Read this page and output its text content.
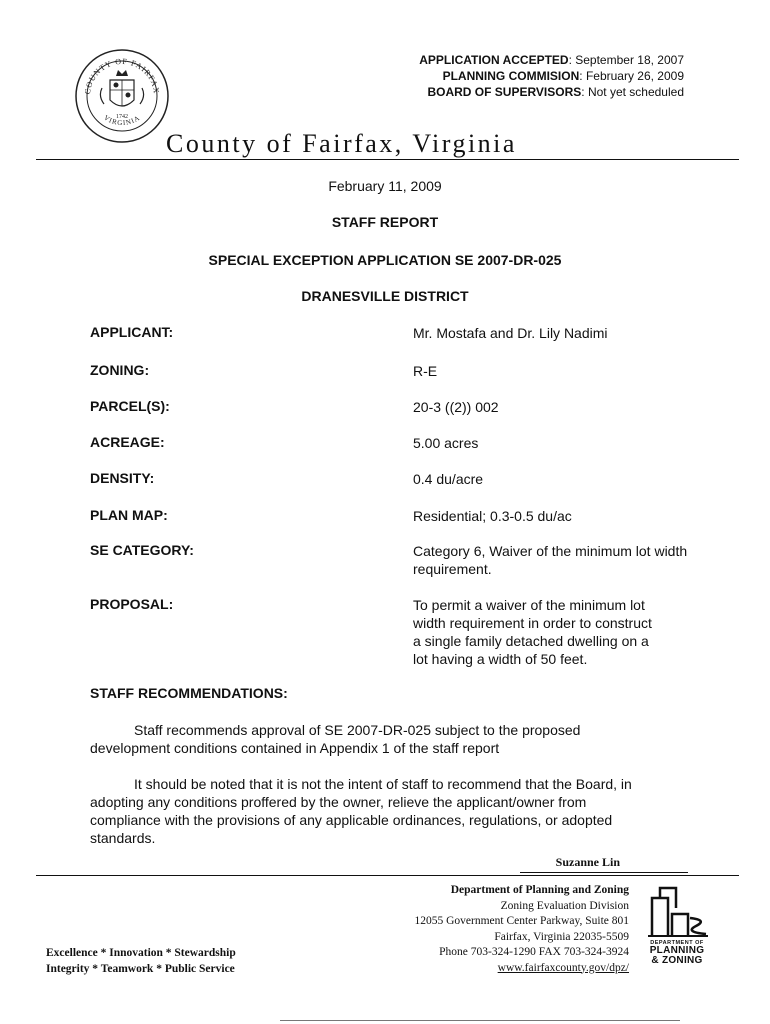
APPLICATION ACCEPTED: September 18, 2007
PLANNING COMMISION: February 26, 2009
BOARD OF SUPERVISORS: Not yet scheduled
COUNTY OF FAIRFAX
VIRGINIA
1742
County of Fairfax, Virginia
February 11, 2009
STAFF REPORT
SPECIAL EXCEPTION APPLICATION SE 2007-DR-025
DRANESVILLE DISTRICT
APPLICANT:	Mr. Mostafa and Dr. Lily Nadimi
ZONING:	R-E
PARCEL(S):	20-3 ((2)) 002
ACREAGE:	5.00 acres
DENSITY:	0.4 du/acre
PLAN MAP:	Residential; 0.3-0.5 du/ac
SE CATEGORY:	Category 6, Waiver of the minimum lot width
requirement.
PROPOSAL:	To permit a waiver of the minimum lot
width requirement in order to construct
a single family detached dwelling on a
lot having a width of 50 feet.
STAFF RECOMMENDATIONS:
Staff recommends approval of SE 2007-DR-025 subject to the proposed
development conditions contained in Appendix 1 of the staff report
It should be noted that it is not the intent of staff to recommend that the Board, in
adopting any conditions proffered by the owner, relieve the applicant/owner from
compliance with the provisions of any applicable ordinances, regulations, or adopted
standards.
Suzanne Lin
Department of Planning and Zoning
Zoning Evaluation Division
12055 Government Center Parkway, Suite 801
Fairfax, Virginia 22035-5509
Phone 703-324-1290 FAX 703-324-3924
www.fairfaxcounty.gov/dpz/
Excellence * Innovation * Stewardship
Integrity * Teamwork * Public Service
DEPARTMENT OF
PLANNING
& ZONING
